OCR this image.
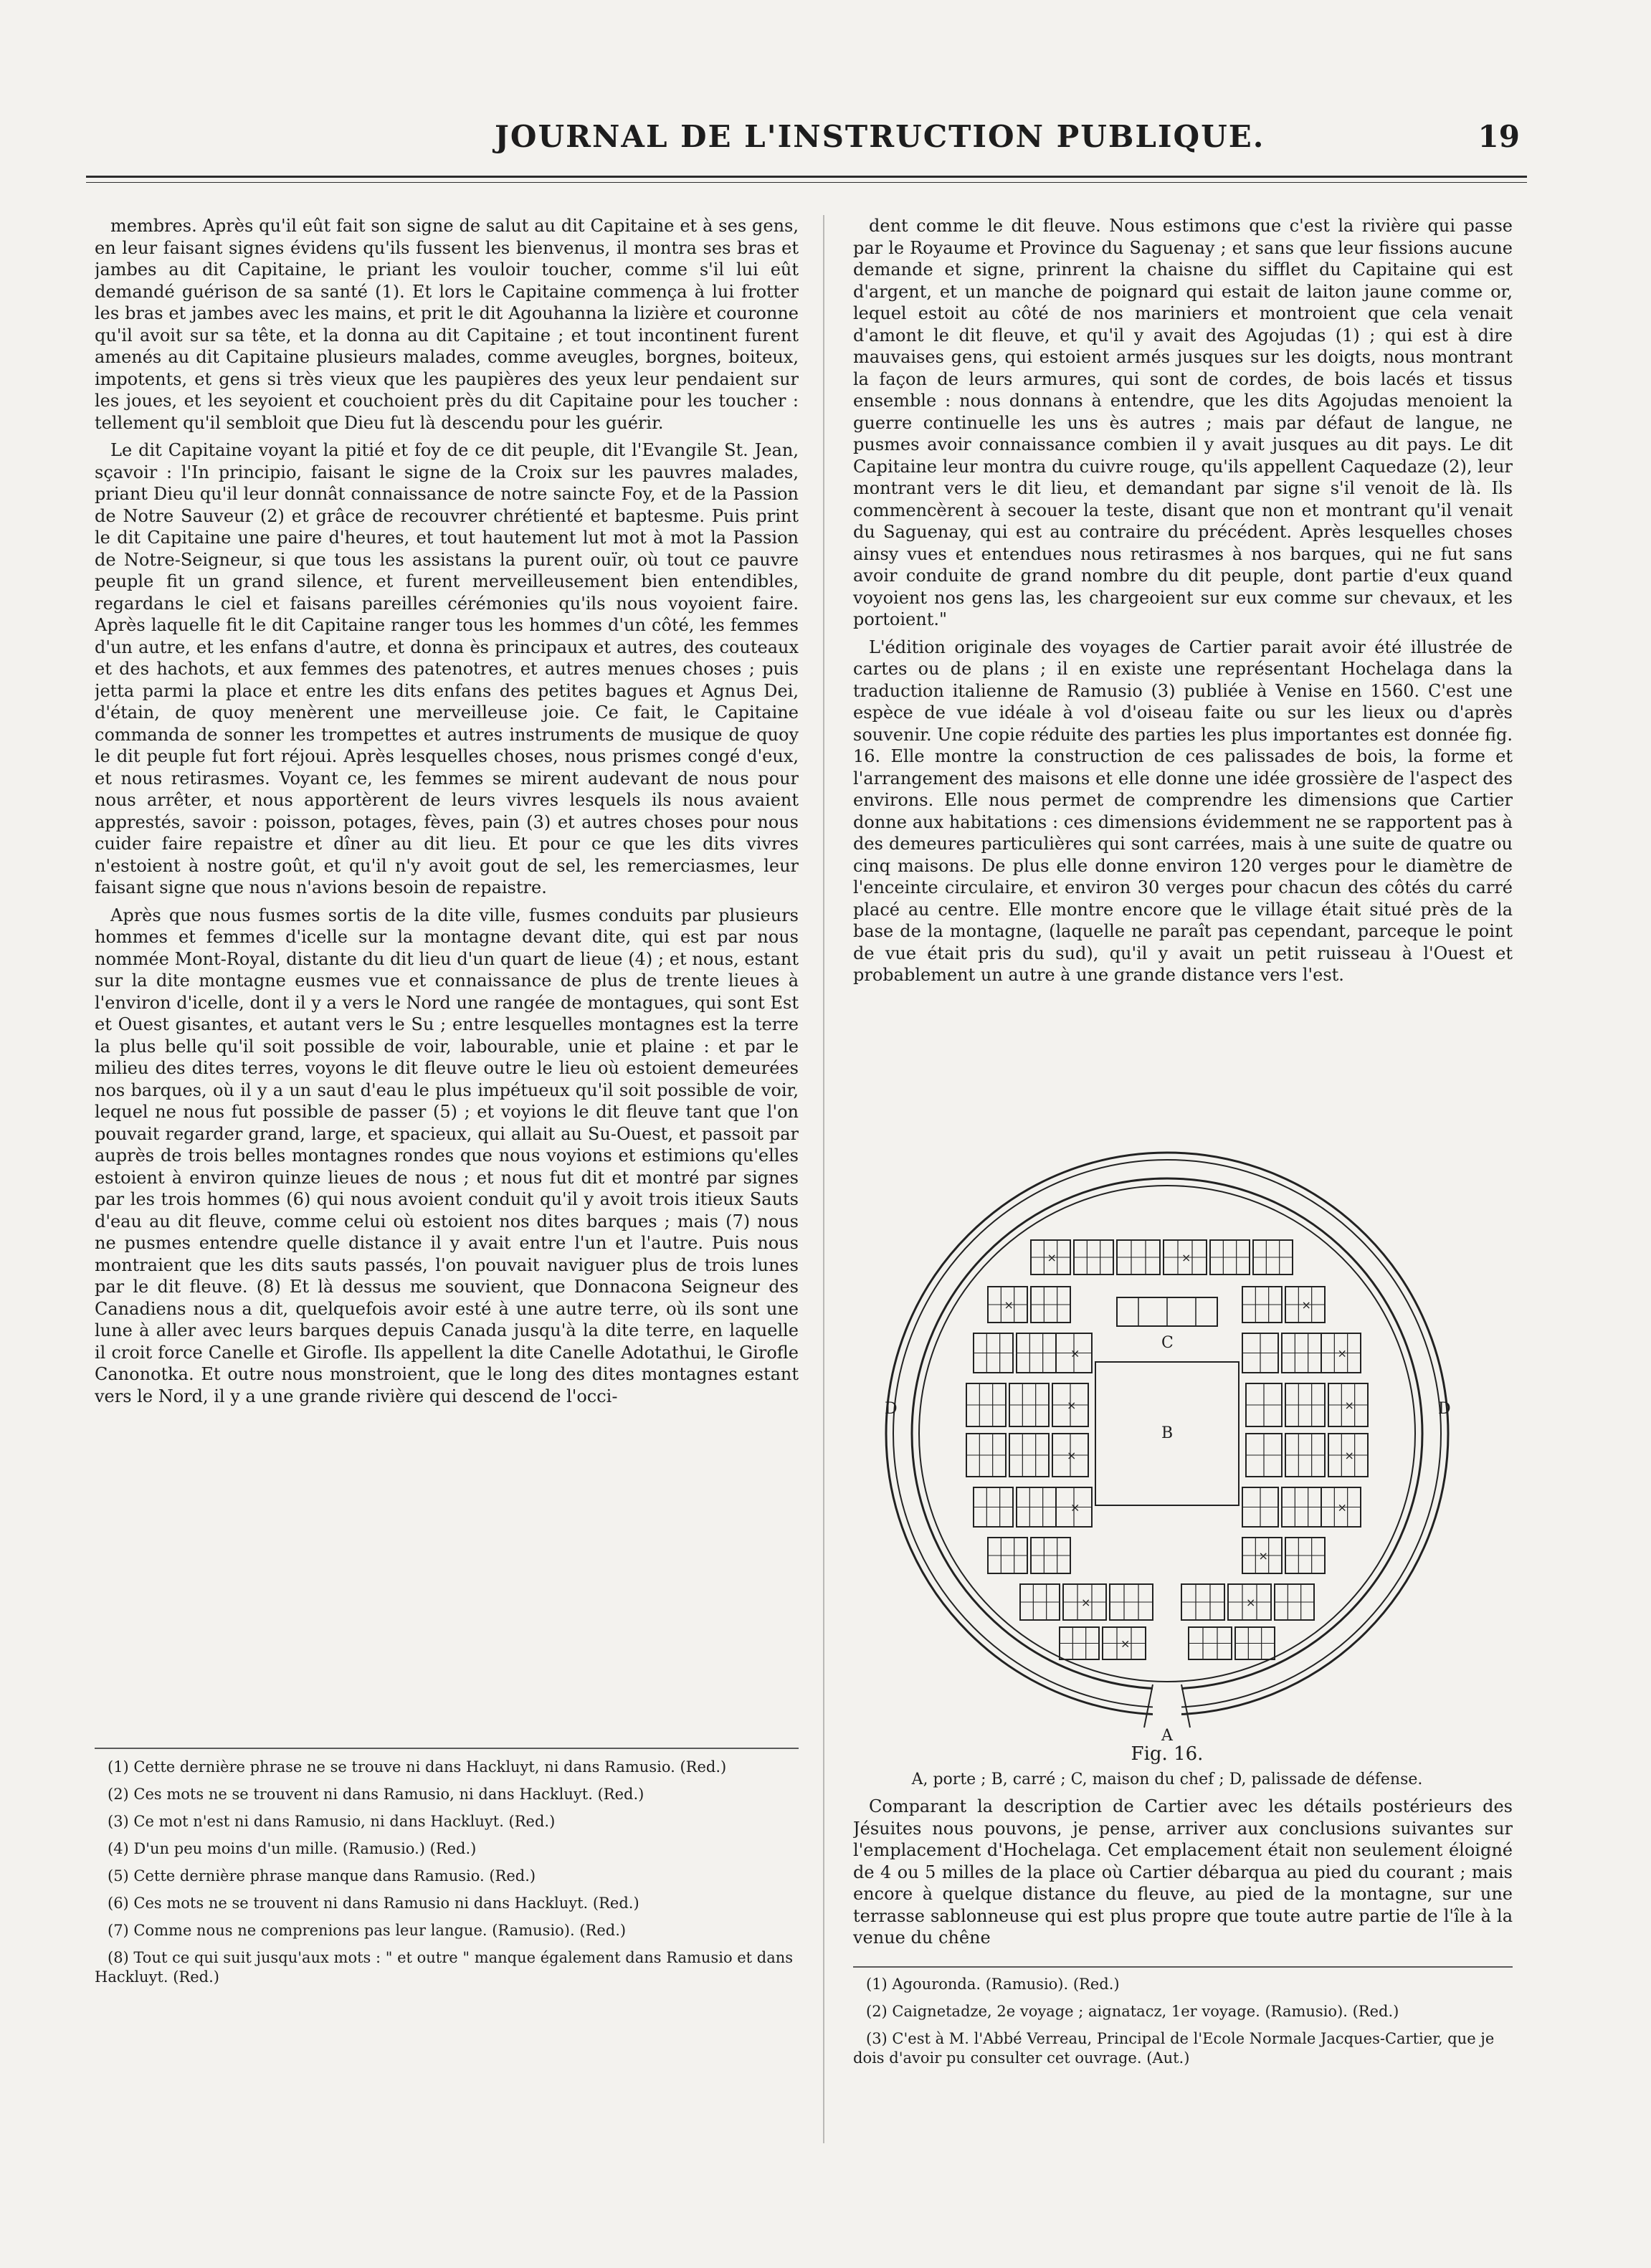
JOURNAL DE L'INSTRUCTION PUBLIQUE.	19

membres. Après qu'il eût fait son signe de salut au dit Capitaine et à ses gens, en leur faisant signes évidens qu'ils fussent les bienvenus, il montra ses bras et jambes au dit Capitaine, le priant les vouloir toucher, comme s'il lui eût demandé guérison de sa santé (1). Et lors le Capitaine commença à lui frotter les bras et jambes avec les mains, et prit le dit Agouhanna la lizière et couronne qu'il avoit sur sa tête, et la donna au dit Capitaine ; et tout incontinent furent amenés au dit Capitaine plusieurs malades, comme aveugles, borgnes, boiteux, impotents, et gens si très vieux que les paupières des yeux leur pendaient sur les joues, et les seyoient et couchoient près du dit Capitaine pour les toucher : tellement qu'il sembloit que Dieu fut là descendu pour les guérir.

Le dit Capitaine voyant la pitié et foy de ce dit peuple, dit l'Evangile St. Jean, sçavoir : l'In principio, faisant le signe de la Croix sur les pauvres malades, priant Dieu qu'il leur donnât connaissance de notre saincte Foy, et de la Passion de Notre Sauveur (2) et grâce de recouvrer chrétienté et baptesme. Puis print le dit Capitaine une paire d'heures, et tout hautement lut mot à mot la Passion de Notre-Seigneur, si que tous les assistans la purent ouïr, où tout ce pauvre peuple fit un grand silence, et furent merveilleusement bien entendibles, regardans le ciel et faisans pareilles cérémonies qu'ils nous voyoient faire. Après laquelle fit le dit Capitaine ranger tous les hommes d'un côté, les femmes d'un autre, et les enfans d'autre, et donna ès principaux et autres, des couteaux et des hachots, et aux femmes des patenotres, et autres menues choses ; puis jetta parmi la place et entre les dits enfans des petites bagues et Agnus Dei, d'étain, de quoy menèrent une merveilleuse joie. Ce fait, le Capitaine commanda de sonner les trompettes et autres instruments de musique de quoy le dit peuple fut fort réjoui. Après lesquelles choses, nous prismes congé d'eux, et nous retirasmes. Voyant ce, les femmes se mirent audevant de nous pour nous arrêter, et nous apportèrent de leurs vivres lesquels ils nous avaient apprestés, savoir : poisson, potages, fèves, pain (3) et autres choses pour nous cuider faire repaistre et dîner au dit lieu. Et pour ce que les dits vivres n'estoient à nostre goût, et qu'il n'y avoit gout de sel, les remerciasmes, leur faisant signe que nous n'avions besoin de repaistre.

Après que nous fusmes sortis de la dite ville, fusmes conduits par plusieurs hommes et femmes d'icelle sur la montagne devant dite, qui est par nous nommée Mont-Royal, distante du dit lieu d'un quart de lieue (4) ; et nous, estant sur la dite montagne eusmes vue et connaissance de plus de trente lieues à l'environ d'icelle, dont il y a vers le Nord une rangée de montagues, qui sont Est et Ouest gisantes, et autant vers le Su ; entre lesquelles montagnes est la terre la plus belle qu'il soit possible de voir, labourable, unie et plaine : et par le milieu des dites terres, voyons le dit fleuve outre le lieu où estoient demeurées nos barques, où il y a un saut d'eau le plus impétueux qu'il soit possible de voir, lequel ne nous fut possible de passer (5) ; et voyions le dit fleuve tant que l'on pouvait regarder grand, large, et spacieux, qui allait au Su-Ouest, et passoit par auprès de trois belles montagnes rondes que nous voyions et estimions qu'elles estoient à environ quinze lieues de nous ; et nous fut dit et montré par signes par les trois hommes (6) qui nous avoient conduit qu'il y avoit trois itieux Sauts d'eau au dit fleuve, comme celui où estoient nos dites barques ; mais (7) nous ne pusmes entendre quelle distance il y avait entre l'un et l'autre. Puis nous montraient que les dits sauts passés, l'on pouvait naviguer plus de trois lunes par le dit fleuve. (8) Et là dessus me souvient, que Donnacona Seigneur des Canadiens nous a dit, quelquefois avoir esté à une autre terre, où ils sont une lune à aller avec leurs barques depuis Canada jusqu'à la dite terre, en laquelle il croit force Canelle et Girofle. Ils appellent la dite Canelle Adotathui, le Girofle Canonotka. Et outre nous monstroient, que le long des dites montagnes estant vers le Nord, il y a une grande rivière qui descend de l'occi-

(1) Cette dernière phrase ne se trouve ni dans Hackluyt, ni dans Ramusio. (Red.)
(2) Ces mots ne se trouvent ni dans Ramusio, ni dans Hackluyt. (Red.)
(3) Ce mot n'est ni dans Ramusio, ni dans Hackluyt. (Red.)
(4) D'un peu moins d'un mille. (Ramusio.) (Red.)
(5) Cette dernière phrase manque dans Ramusio. (Red.)
(6) Ces mots ne se trouvent ni dans Ramusio ni dans Hackluyt. (Red.)
(7) Comme nous ne comprenions pas leur langue. (Ramusio). (Red.)
(8) Tout ce qui suit jusqu'aux mots : " et outre " manque également dans Ramusio et dans Hackluyt. (Red.)

dent comme le dit fleuve. Nous estimons que c'est la rivière qui passe par le Royaume et Province du Saguenay ; et sans que leur fissions aucune demande et signe, prinrent la chaisne du sifflet du Capitaine qui est d'argent, et un manche de poignard qui estait de laiton jaune comme or, lequel estoit au côté de nos mariniers et montroient que cela venait d'amont le dit fleuve, et qu'il y avait des Agojudas (1) ; qui est à dire mauvaises gens, qui estoient armés jusques sur les doigts, nous montrant la façon de leurs armures, qui sont de cordes, de bois lacés et tissus ensemble : nous donnans à entendre, que les dits Agojudas menoient la guerre continuelle les uns ès autres ; mais par défaut de langue, ne pusmes avoir connaissance combien il y avait jusques au dit pays. Le dit Capitaine leur montra du cuivre rouge, qu'ils appellent Caquedaze (2), leur montrant vers le dit lieu, et demandant par signe s'il venoit de là. Ils commencèrent à secouer la teste, disant que non et montrant qu'il venait du Saguenay, qui est au contraire du précédent. Après lesquelles choses ainsy vues et entendues nous retirasmes à nos barques, qui ne fut sans avoir conduite de grand nombre du dit peuple, dont partie d'eux quand voyoient nos gens las, les chargeoient sur eux comme sur chevaux, et les portoient."

L'édition originale des voyages de Cartier parait avoir été illustrée de cartes ou de plans ; il en existe une représentant Hochelaga dans la traduction italienne de Ramusio (3) publiée à Venise en 1560. C'est une espèce de vue idéale à vol d'oiseau faite ou sur les lieux ou d'après souvenir. Une copie réduite des parties les plus importantes est donnée fig. 16. Elle montre la construction de ces palissades de bois, la forme et l'arrangement des maisons et elle donne une idée grossière de l'aspect des environs. Elle nous permet de comprendre les dimensions que Cartier donne aux habitations : ces dimensions évidemment ne se rapportent pas à des demeures particulières qui sont carrées, mais à une suite de quatre ou cinq maisons. De plus elle donne environ 120 verges pour le diamètre de l'enceinte circulaire, et environ 30 verges pour chacun des côtés du carré placé au centre. Elle montre encore que le village était situé près de la base de la montagne, (laquelle ne paraît pas cependant, parceque le point de vue était pris du sud), qu'il y avait un petit ruisseau à l'Ouest et probablement un autre à une grande distance vers l'est.

×	×
×	×
×	×
×	×
×	×
×	×
×
×	×
×
A
B
C
D	D
Fig. 16.
A, porte ; B, carré ; C, maison du chef ; D, palissade de défense.

Comparant la description de Cartier avec les détails postérieurs des Jésuites nous pouvons, je pense, arriver aux conclusions suivantes sur l'emplacement d'Hochelaga. Cet emplacement était non seulement éloigné de 4 ou 5 milles de la place où Cartier débarqua au pied du courant ; mais encore à quelque distance du fleuve, au pied de la montagne, sur une terrasse sablonneuse qui est plus propre que toute autre partie de l'île à la venue du chêne

(1) Agouronda. (Ramusio). (Red.)
(2) Caignetadze, 2e voyage ; aignatacz, 1er voyage. (Ramusio). (Red.)
(3) C'est à M. l'Abbé Verreau, Principal de l'Ecole Normale Jacques-Cartier, que je dois d'avoir pu consulter cet ouvrage. (Aut.)
